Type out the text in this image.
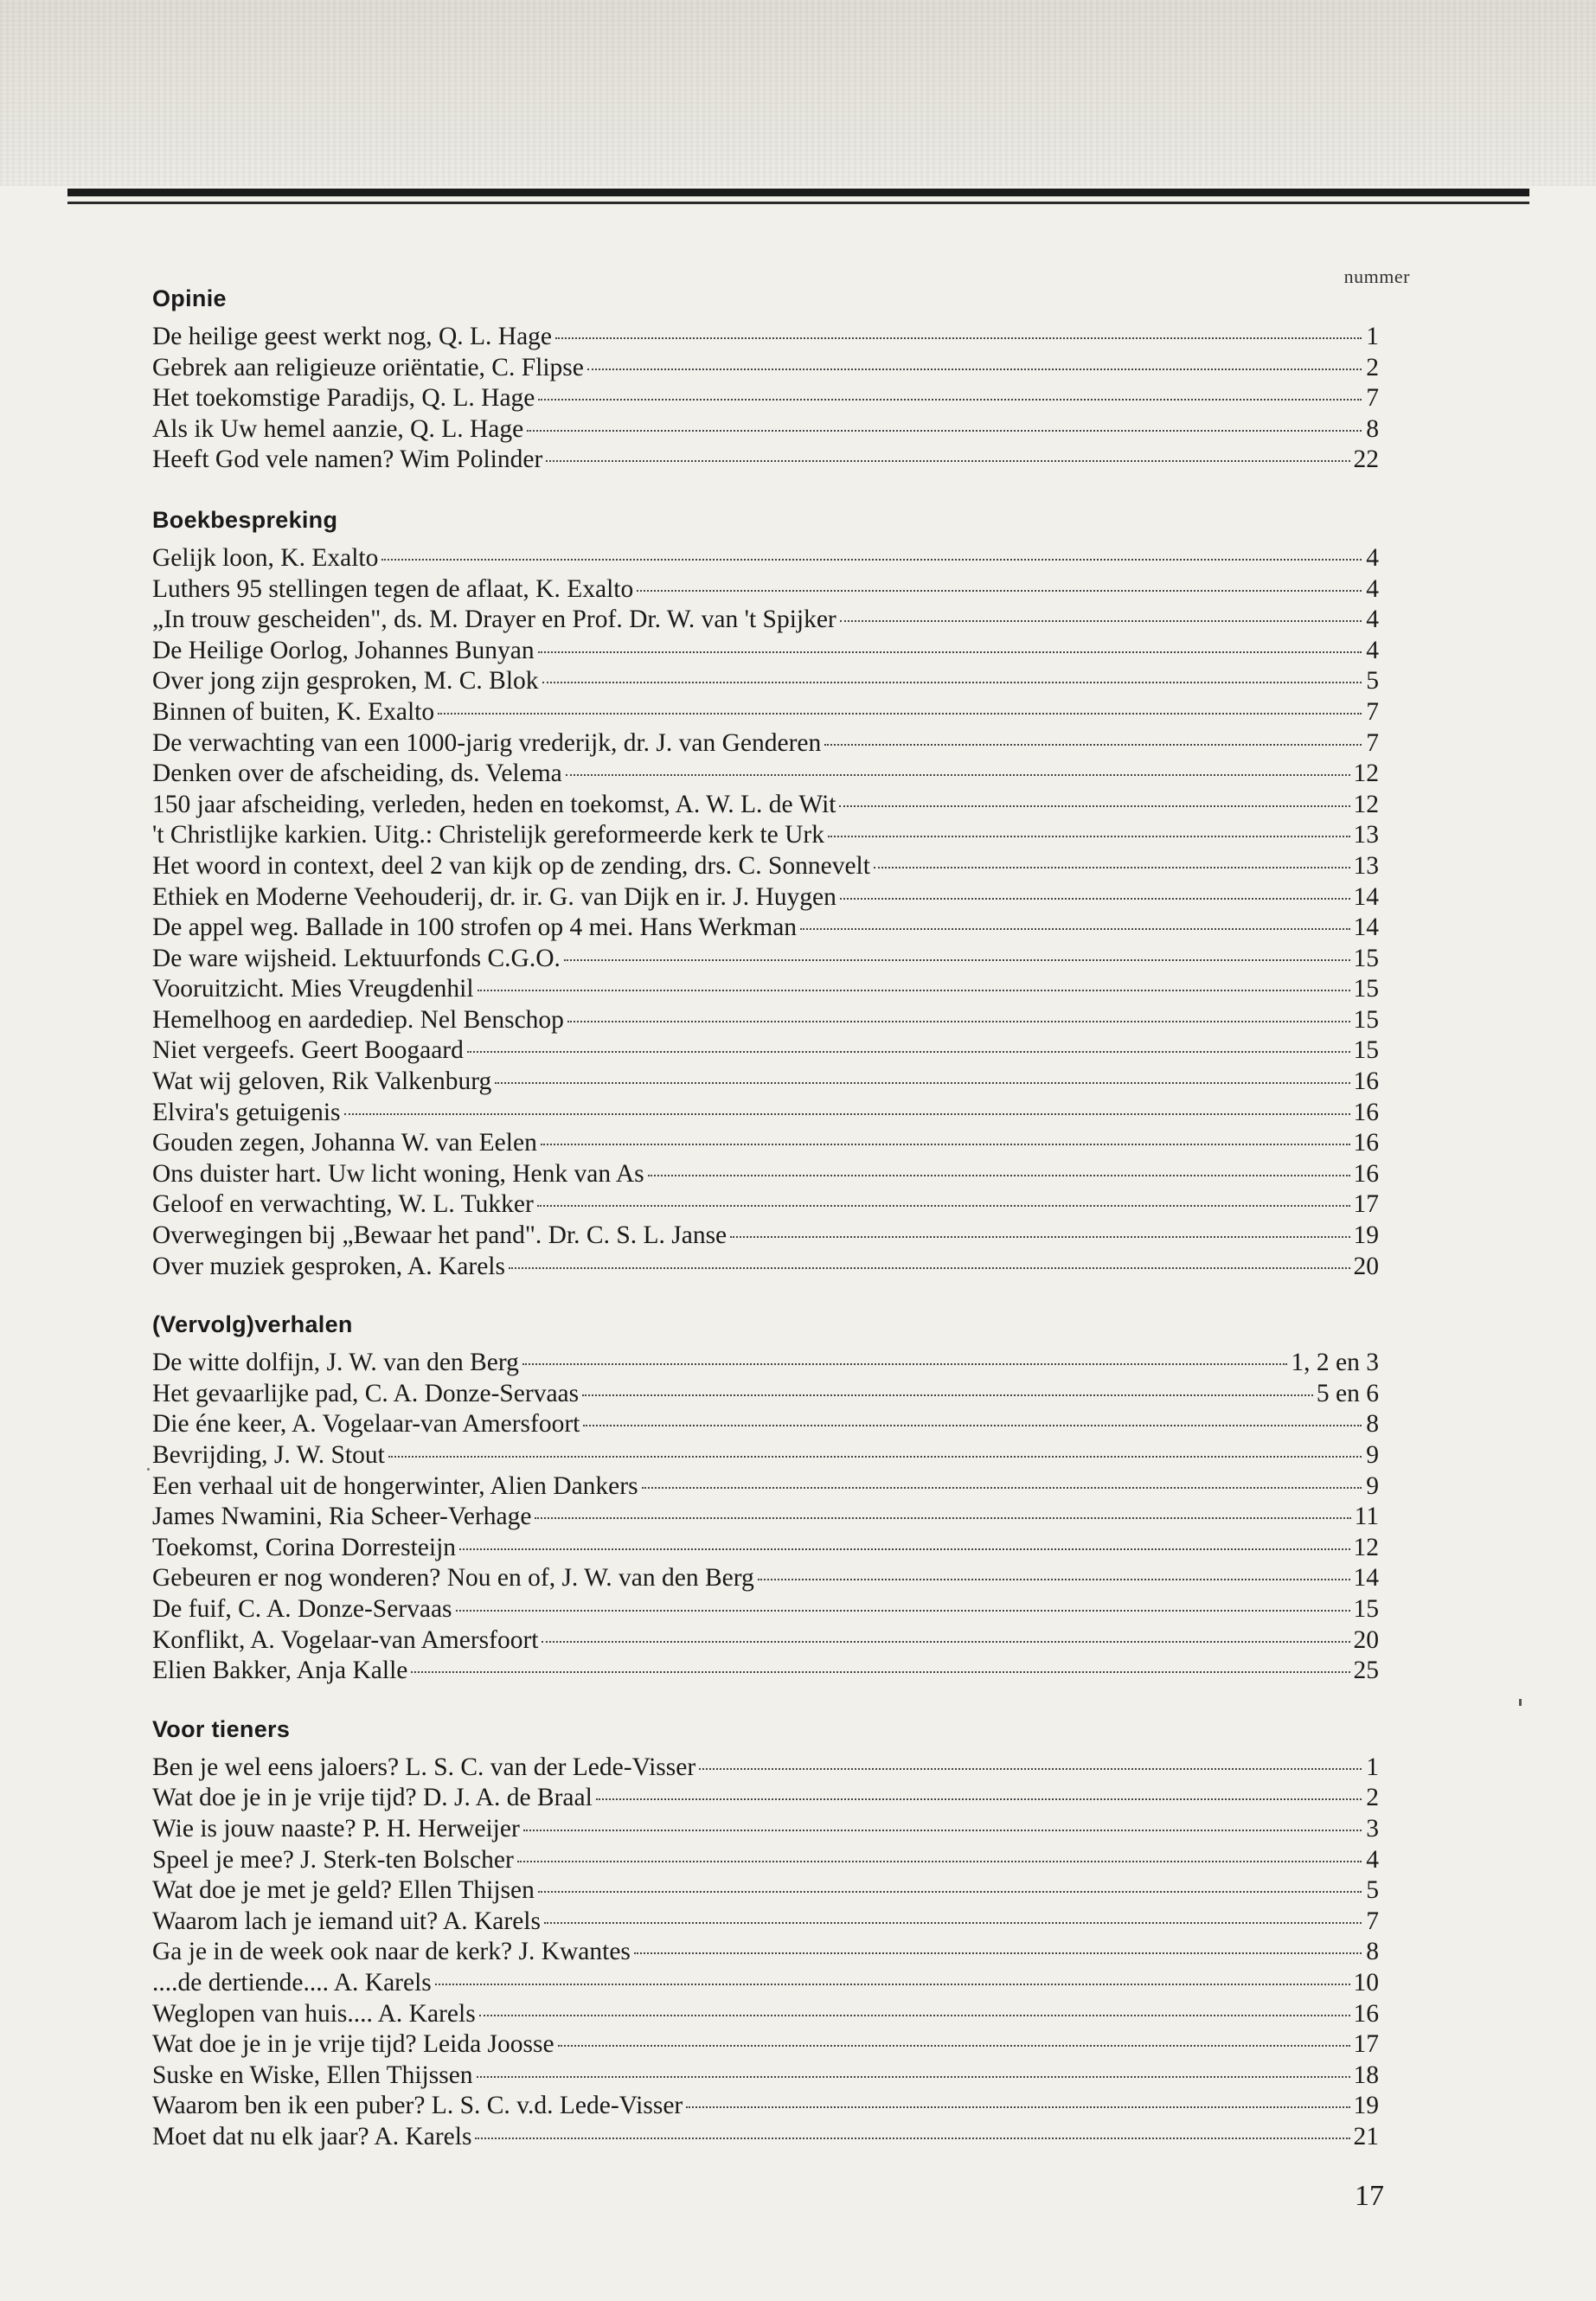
nummer
Opinie
De heilige geest werkt nog, Q. L. Hage	1
Gebrek aan religieuze oriëntatie, C. Flipse	2
Het toekomstige Paradijs, Q. L. Hage	7
Als ik Uw hemel aanzie, Q. L. Hage	8
Heeft God vele namen? Wim Polinder	22
Boekbespreking
Gelijk loon, K. Exalto	4
Luthers 95 stellingen tegen de aflaat, K. Exalto	4
„In trouw gescheiden", ds. M. Drayer en Prof. Dr. W. van 't Spijker	4
De Heilige Oorlog, Johannes Bunyan	4
Over jong zijn gesproken, M. C. Blok	5
Binnen of buiten, K. Exalto	7
De verwachting van een 1000-jarig vrederijk, dr. J. van Genderen	7
Denken over de afscheiding, ds. Velema	12
150 jaar afscheiding, verleden, heden en toekomst, A. W. L. de Wit	12
't Christlijke karkien. Uitg.: Christelijk gereformeerde kerk te Urk	13
Het woord in context, deel 2 van kijk op de zending, drs. C. Sonnevelt	13
Ethiek en Moderne Veehouderij, dr. ir. G. van Dijk en ir. J. Huygen	14
De appel weg. Ballade in 100 strofen op 4 mei. Hans Werkman	14
De ware wijsheid. Lektuurfonds C.G.O.	15
Vooruitzicht. Mies Vreugdenhil	15
Hemelhoog en aardediep. Nel Benschop	15
Niet vergeefs. Geert Boogaard	15
Wat wij geloven, Rik Valkenburg	16
Elvira's getuigenis	16
Gouden zegen, Johanna W. van Eelen	16
Ons duister hart. Uw licht woning, Henk van As	16
Geloof en verwachting, W. L. Tukker	17
Overwegingen bij „Bewaar het pand". Dr. C. S. L. Janse	19
Over muziek gesproken, A. Karels	20
(Vervolg)verhalen
De witte dolfijn, J. W. van den Berg	1, 2 en 3
Het gevaarlijke pad, C. A. Donze-Servaas	5 en 6
Die éne keer, A. Vogelaar-van Amersfoort	8
Bevrijding, J. W. Stout	9
Een verhaal uit de hongerwinter, Alien Dankers	9
James Nwamini, Ria Scheer-Verhage	11
Toekomst, Corina Dorresteijn	12
Gebeuren er nog wonderen? Nou en of, J. W. van den Berg	14
De fuif, C. A. Donze-Servaas	15
Konflikt, A. Vogelaar-van Amersfoort	20
Elien Bakker, Anja Kalle	25
Voor tieners
Ben je wel eens jaloers? L. S. C. van der Lede-Visser	1
Wat doe je in je vrije tijd? D. J. A. de Braal	2
Wie is jouw naaste? P. H. Herweijer	3
Speel je mee? J. Sterk-ten Bolscher	4
Wat doe je met je geld? Ellen Thijsen	5
Waarom lach je iemand uit? A. Karels	7
Ga je in de week ook naar de kerk? J. Kwantes	8
....de dertiende.... A. Karels	10
Weglopen van huis.... A. Karels	16
Wat doe je in je vrije tijd? Leida Joosse	17
Suske en Wiske, Ellen Thijssen	18
Waarom ben ik een puber? L. S. C. v.d. Lede-Visser	19
Moet dat nu elk jaar? A. Karels	21
17
